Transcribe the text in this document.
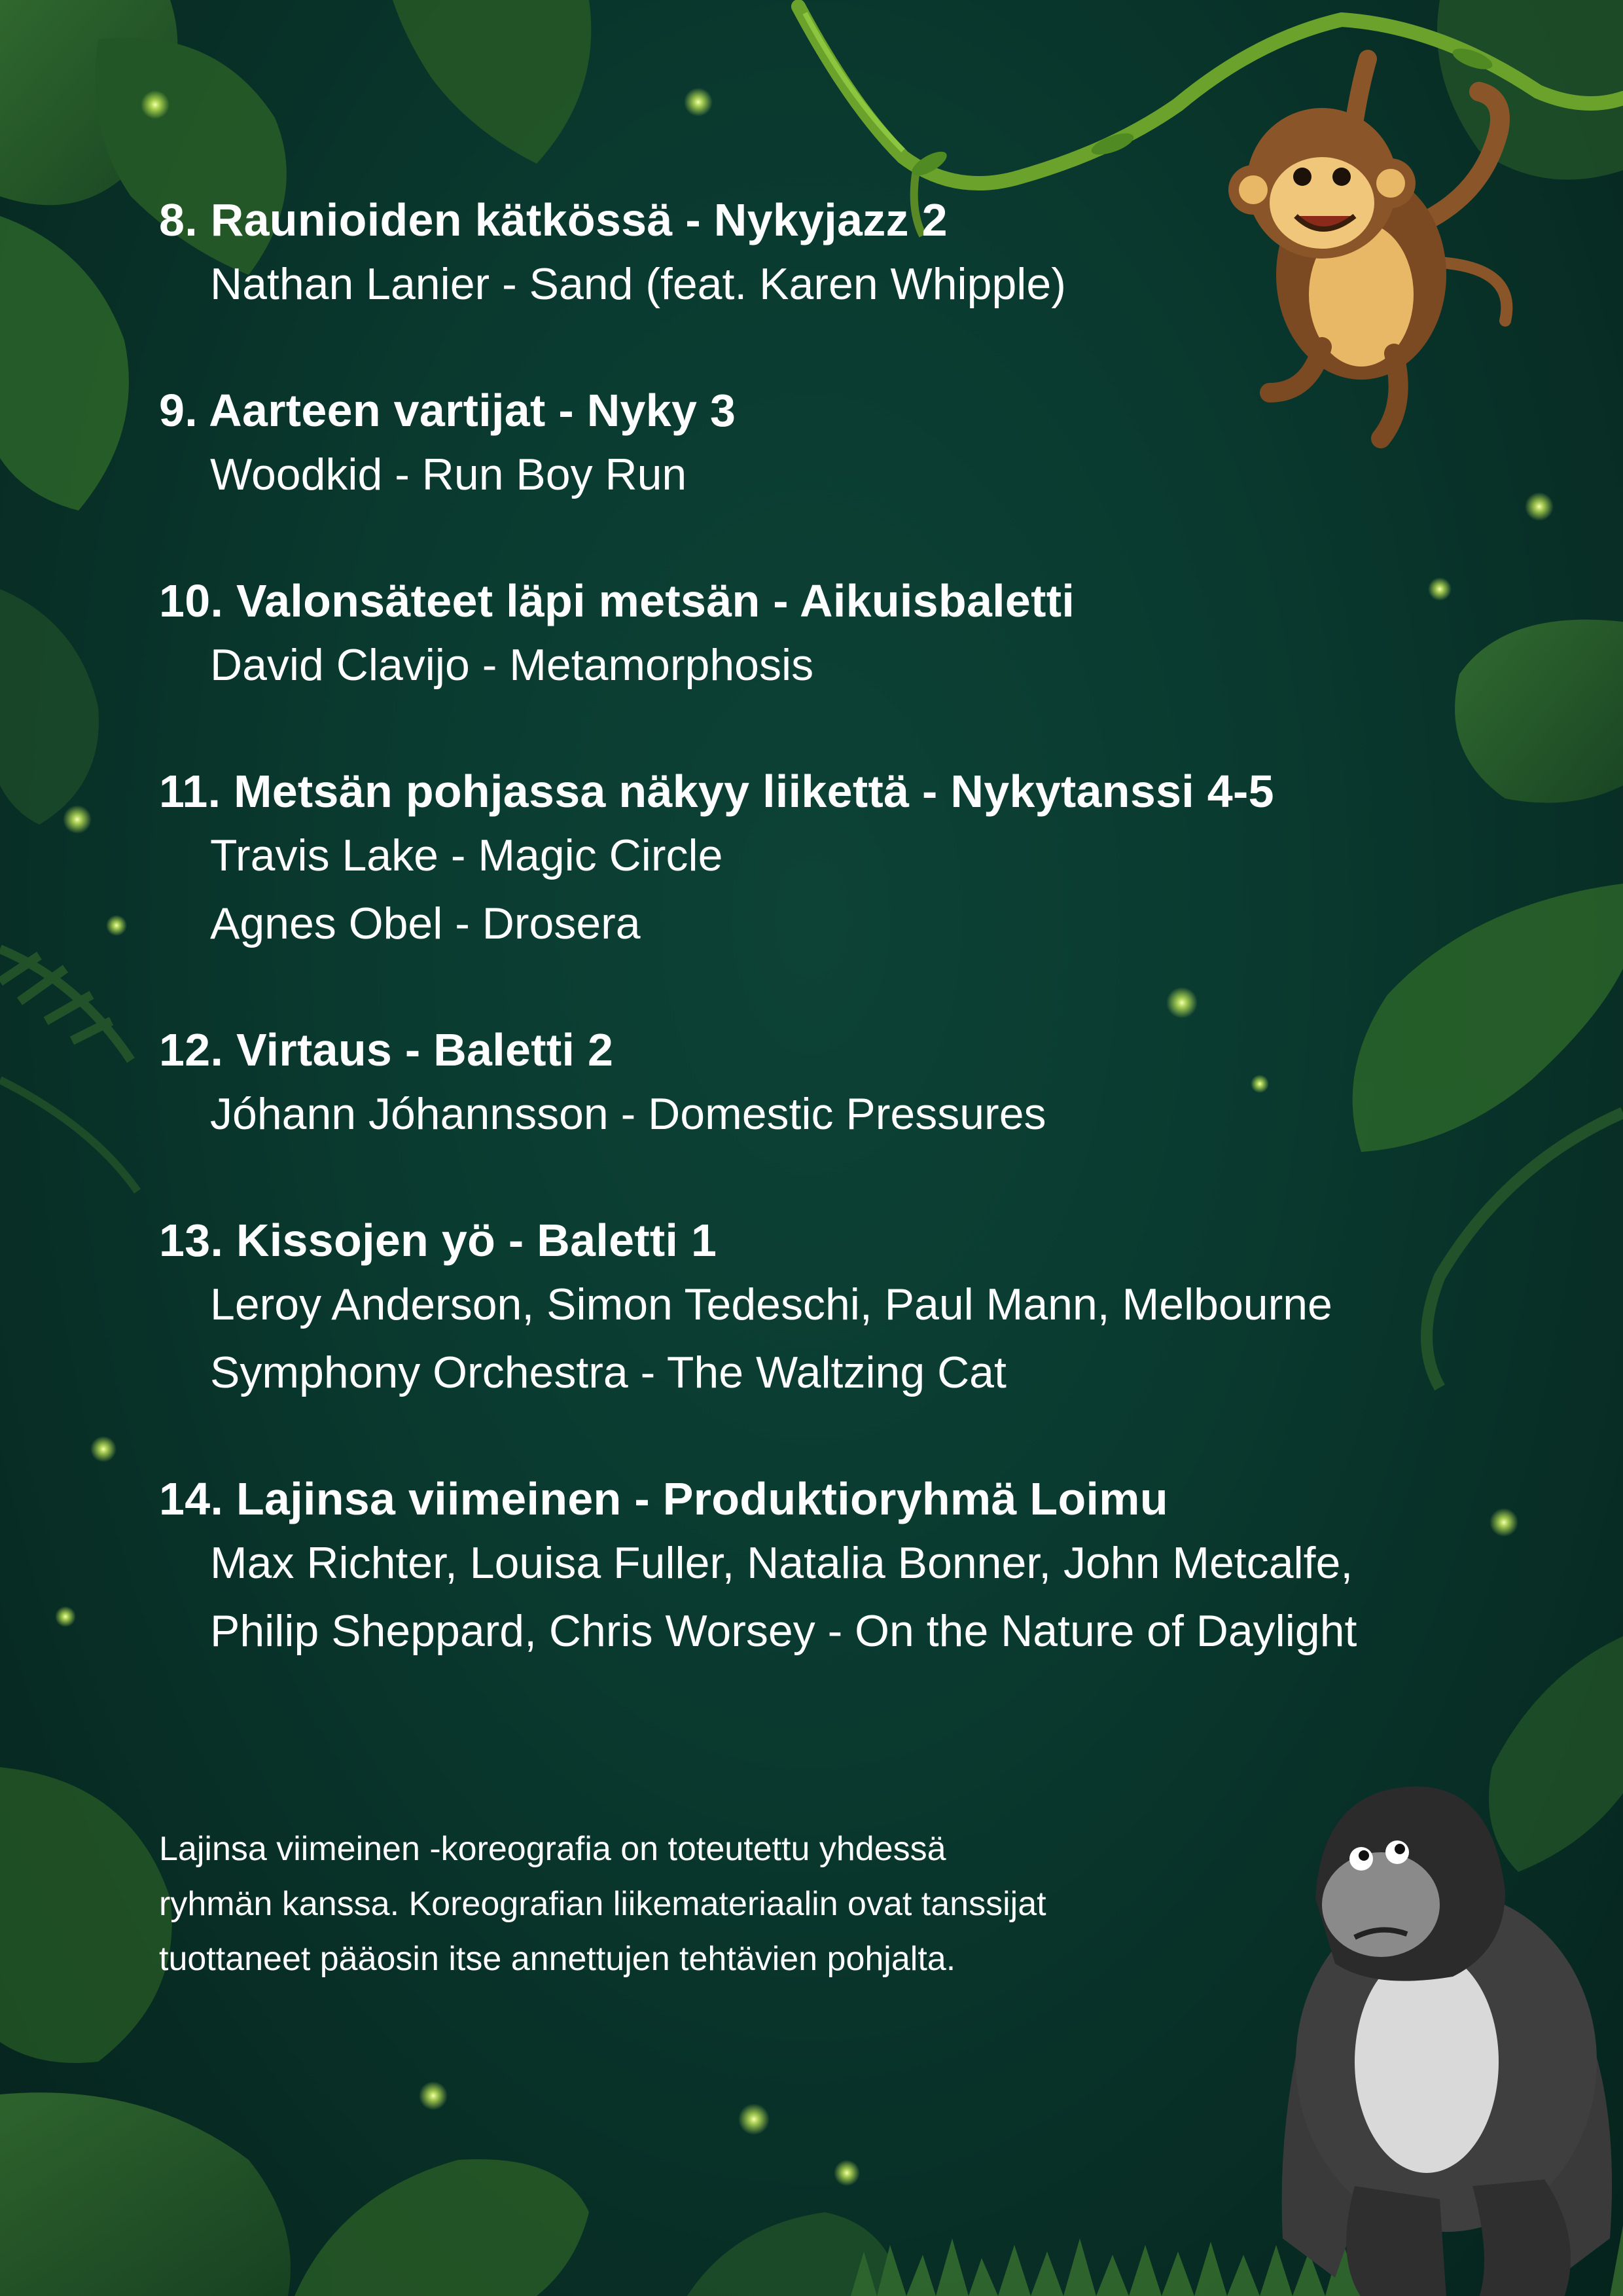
8. Raunioiden kätkössä - Nykyjazz 2

Nathan Lanier - Sand (feat. Karen Whipple)

9. Aarteen vartijat - Nyky 3

Woodkid - Run Boy Run

10. Valonsäteet läpi metsän - Aikuisbaletti

David Clavijo - Metamorphosis

11. Metsän pohjassa näkyy liikettä - Nykytanssi 4-5

Travis Lake - Magic Circle

Agnes Obel - Drosera

12. Virtaus - Baletti 2

Jóhann Jóhannsson - Domestic Pressures

13. Kissojen yö - Baletti 1

Leroy Anderson, Simon Tedeschi, Paul Mann, Melbourne

Symphony Orchestra - The Waltzing Cat

14. Lajinsa viimeinen - Produktioryhmä Loimu

Max Richter, Louisa Fuller, Natalia Bonner, John Metcalfe,

Philip Sheppard, Chris Worsey - On the Nature of Daylight

Lajinsa viimeinen -koreografia on toteutettu yhdessä

ryhmän kanssa. Koreografian liikemateriaalin ovat tanssijat

tuottaneet pääosin itse annettujen tehtävien pohjalta.
